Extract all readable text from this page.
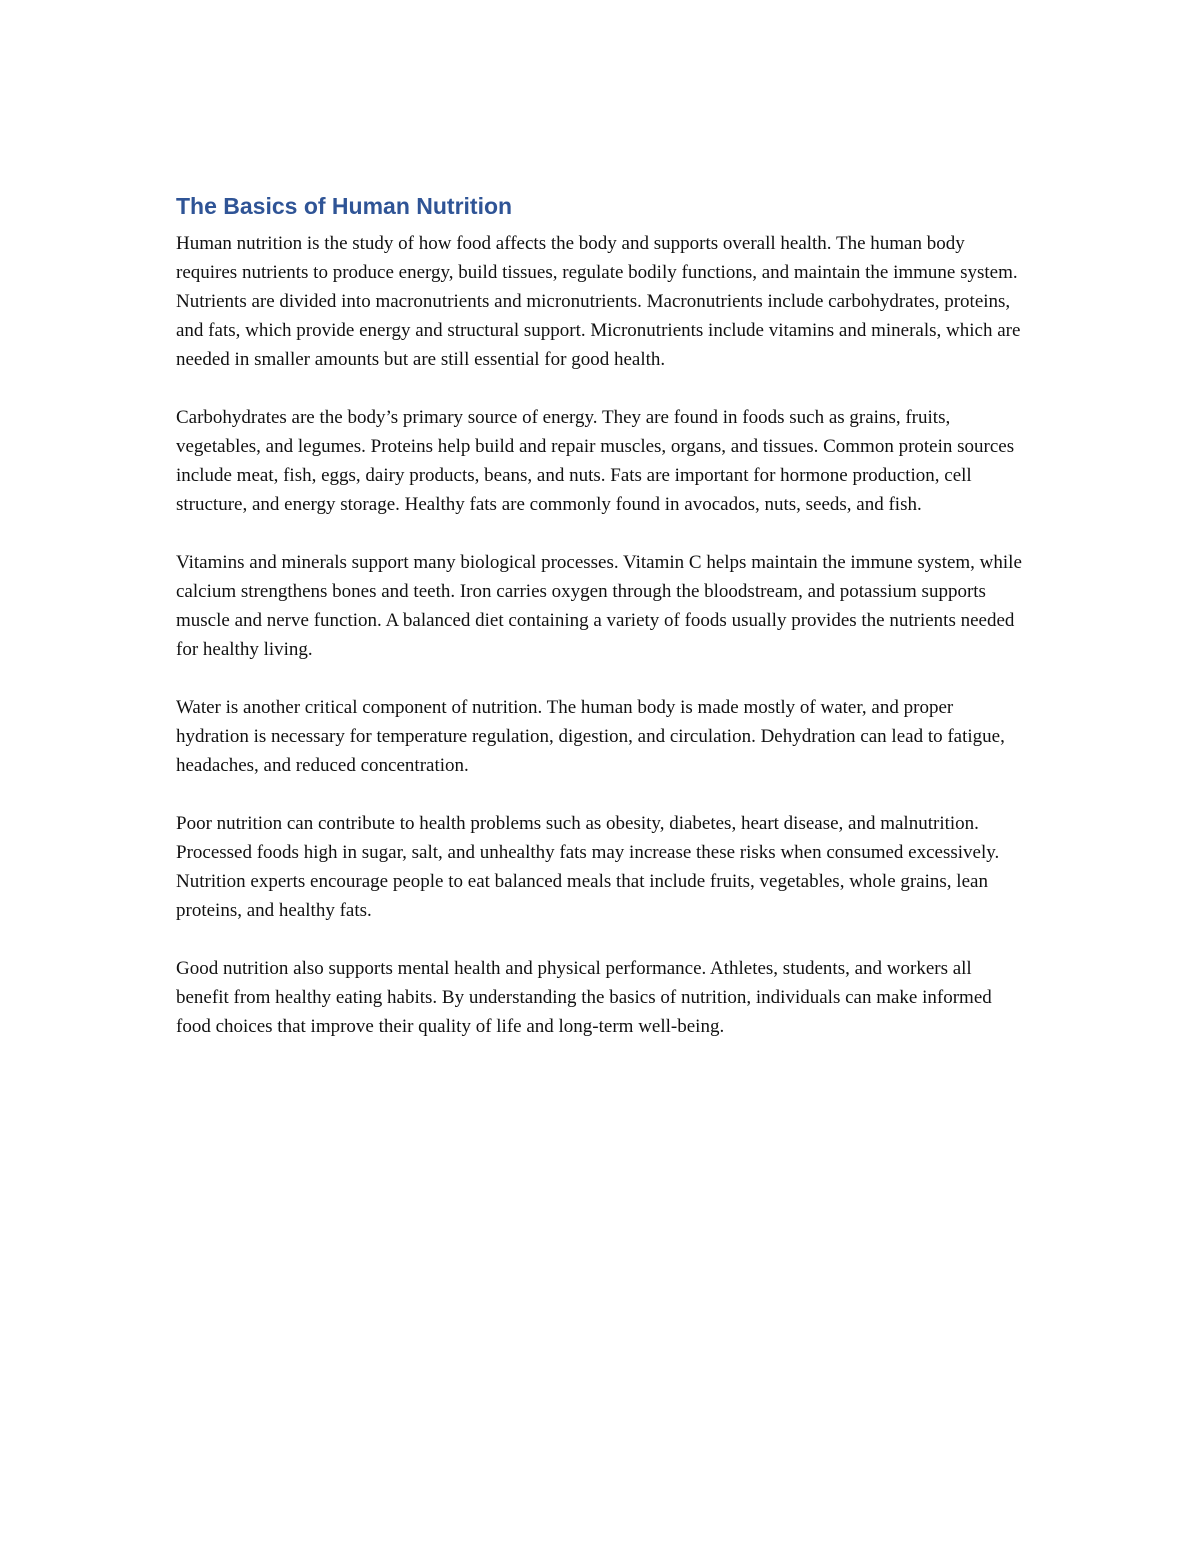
The Basics of Human Nutrition

Human nutrition is the study of how food affects the body and supports overall health. The human body requires nutrients to produce energy, build tissues, regulate bodily functions, and maintain the immune system. Nutrients are divided into macronutrients and micronutrients. Macronutrients include carbohydrates, proteins, and fats, which provide energy and structural support. Micronutrients include vitamins and minerals, which are needed in smaller amounts but are still essential for good health.

Carbohydrates are the body’s primary source of energy. They are found in foods such as grains, fruits, vegetables, and legumes. Proteins help build and repair muscles, organs, and tissues. Common protein sources include meat, fish, eggs, dairy products, beans, and nuts. Fats are important for hormone production, cell structure, and energy storage. Healthy fats are commonly found in avocados, nuts, seeds, and fish.

Vitamins and minerals support many biological processes. Vitamin C helps maintain the immune system, while calcium strengthens bones and teeth. Iron carries oxygen through the bloodstream, and potassium supports muscle and nerve function. A balanced diet containing a variety of foods usually provides the nutrients needed for healthy living.

Water is another critical component of nutrition. The human body is made mostly of water, and proper hydration is necessary for temperature regulation, digestion, and circulation. Dehydration can lead to fatigue, headaches, and reduced concentration.

Poor nutrition can contribute to health problems such as obesity, diabetes, heart disease, and malnutrition. Processed foods high in sugar, salt, and unhealthy fats may increase these risks when consumed excessively. Nutrition experts encourage people to eat balanced meals that include fruits, vegetables, whole grains, lean proteins, and healthy fats.

Good nutrition also supports mental health and physical performance. Athletes, students, and workers all benefit from healthy eating habits. By understanding the basics of nutrition, individuals can make informed food choices that improve their quality of life and long-term well-being.
